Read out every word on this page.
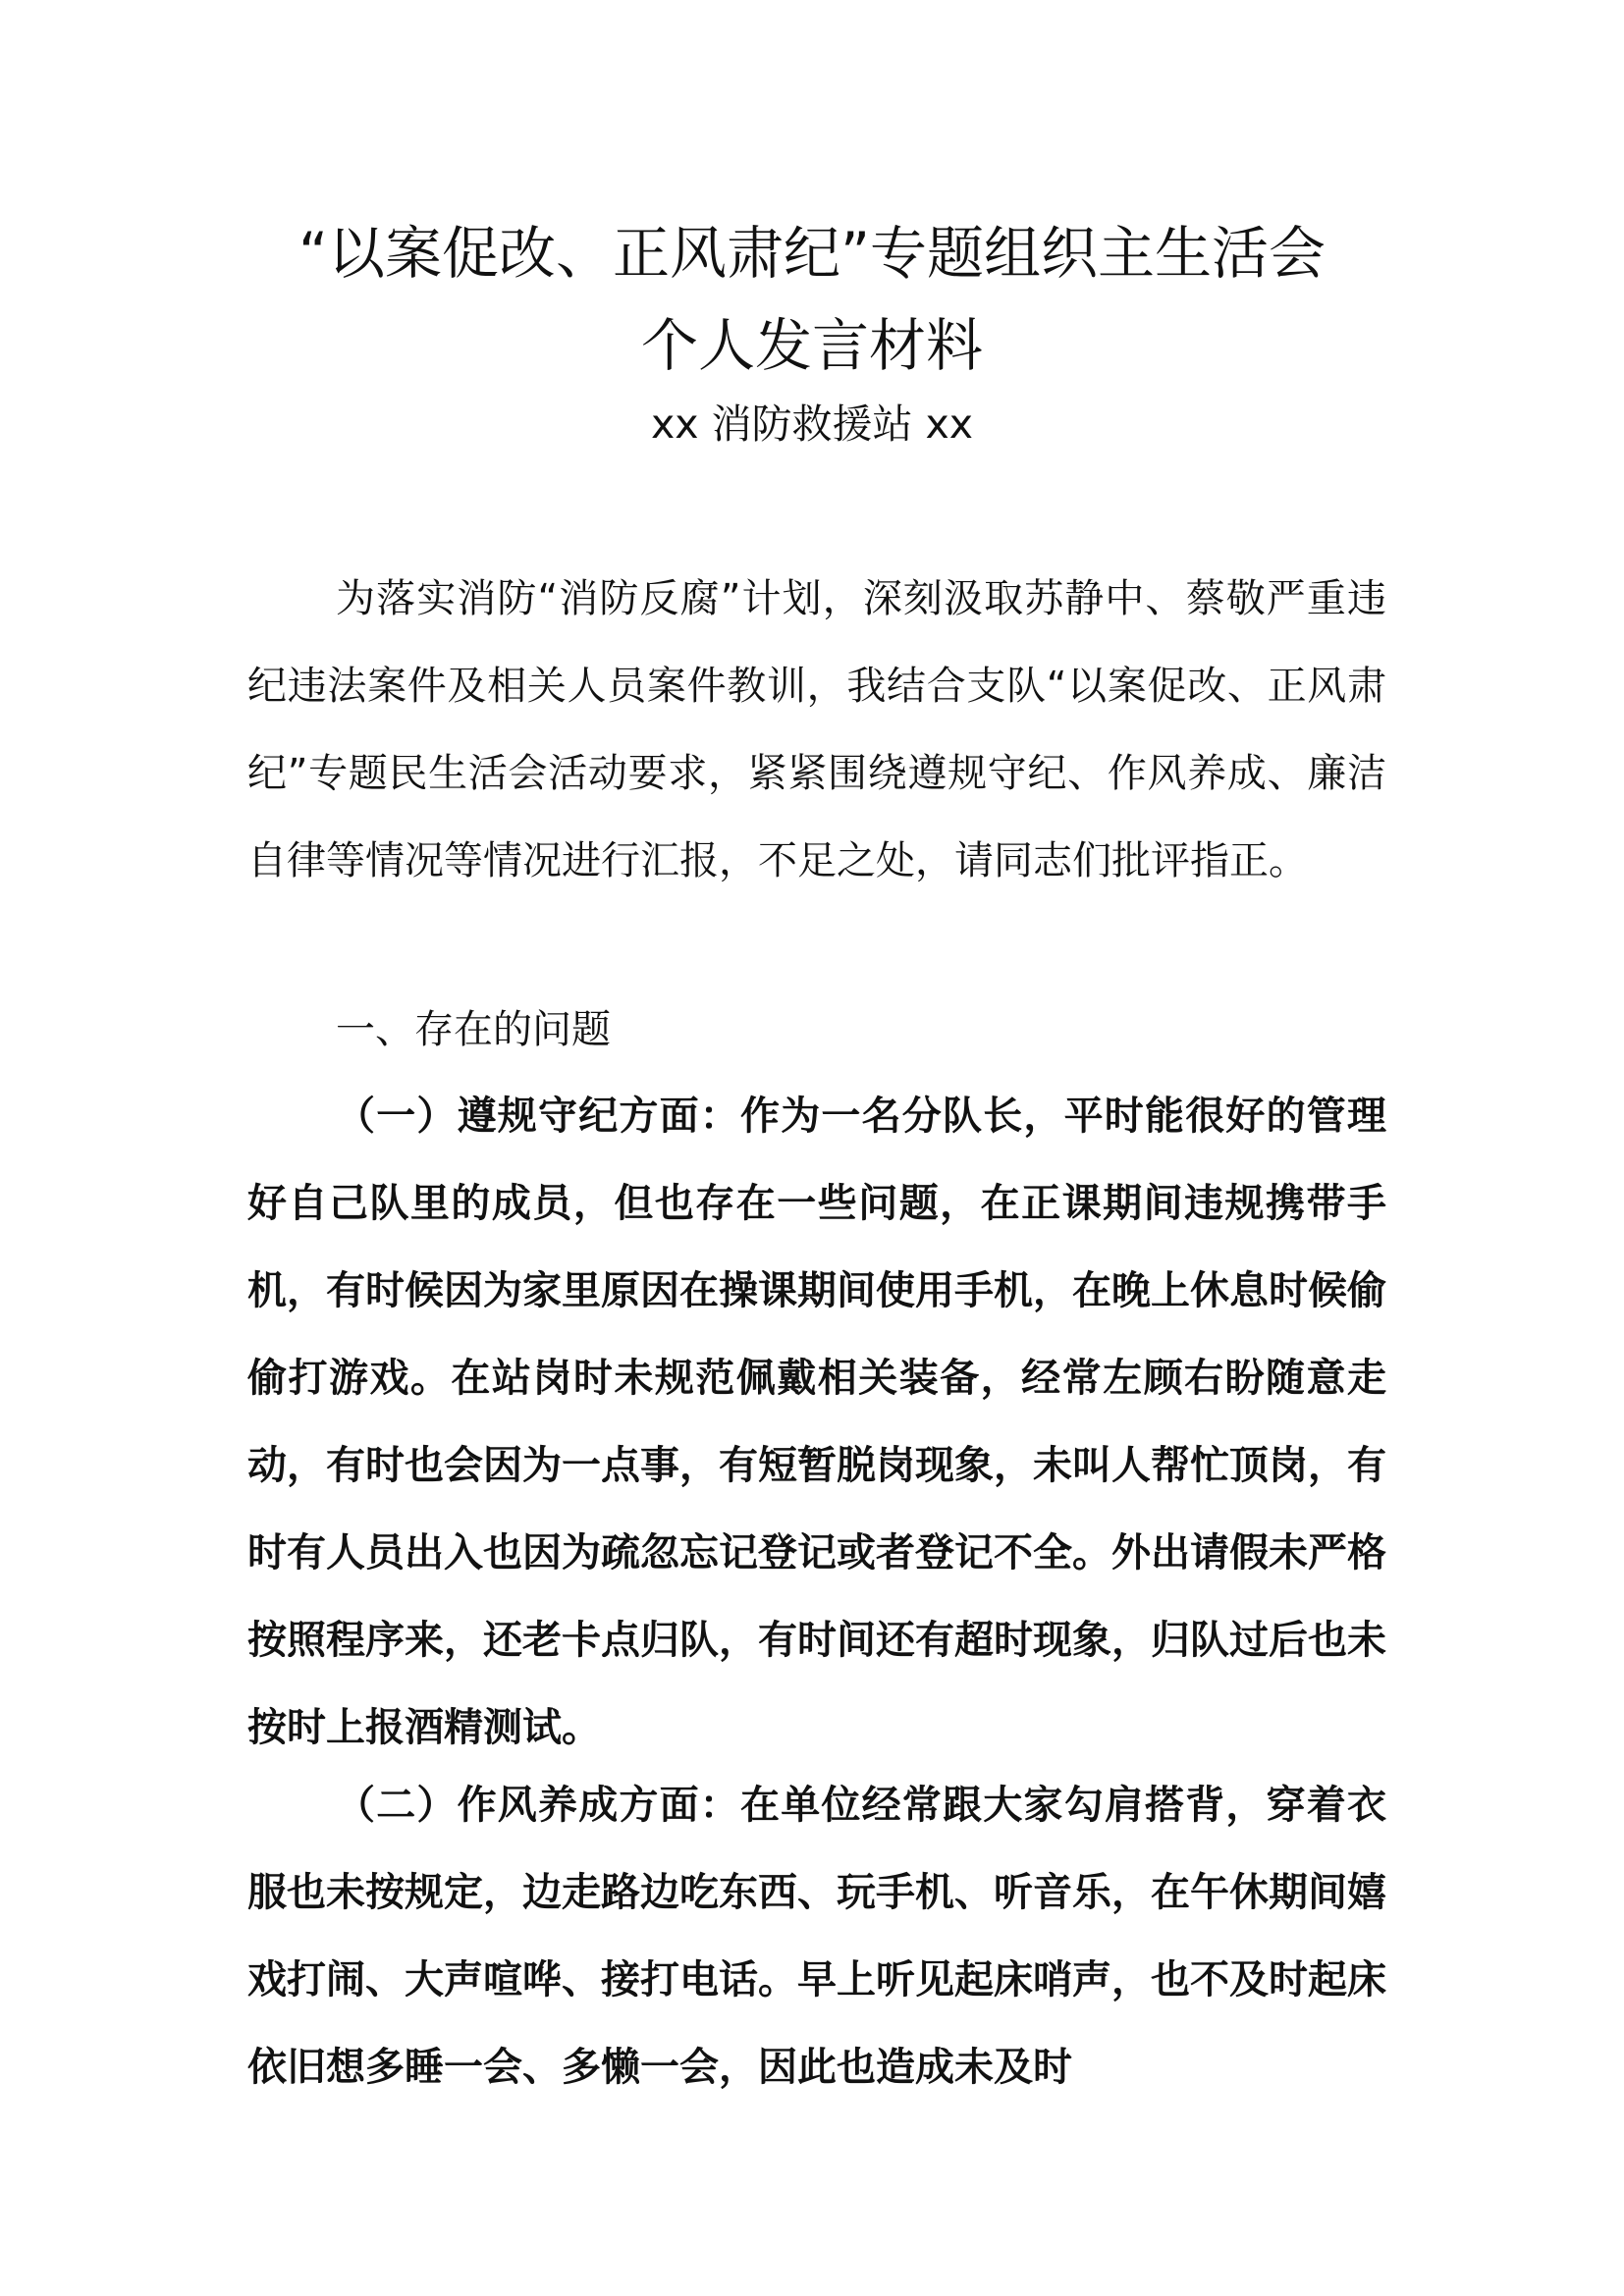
“以案促改、正风肃纪”专题组织主生活会
个人发言材料
xx 消防救援站 xx

为落实消防“消防反腐”计划，深刻汲取苏静中、蔡敬严重违纪违法案件及相关人员案件教训，我结合支队“以案促改、正风肃纪”专题民生活会活动要求，紧紧围绕遵规守纪、作风养成、廉洁自律等情况等情况进行汇报，不足之处，请同志们批评指正。

一、存在的问题

（一）遵规守纪方面：作为一名分队长，平时能很好的管理好自己队里的成员，但也存在一些问题，在正课期间违规携带手机，有时候因为家里原因在操课期间使用手机，在晚上休息时候偷偷打游戏。在站岗时未规范佩戴相关装备，经常左顾右盼随意走动，有时也会因为一点事，有短暂脱岗现象，未叫人帮忙顶岗，有时有人员出入也因为疏忽忘记登记或者登记不全。外出请假未严格按照程序来，还老卡点归队，有时间还有超时现象，归队过后也未按时上报酒精测试。

（二）作风养成方面：在单位经常跟大家勾肩搭背，穿着衣服也未按规定，边走路边吃东西、玩手机、听音乐，在午休期间嬉戏打闹、大声喧哗、接打电话。早上听见起床哨声，也不及时起床依旧想多睡一会、多懒一会，因此也造成未及时
